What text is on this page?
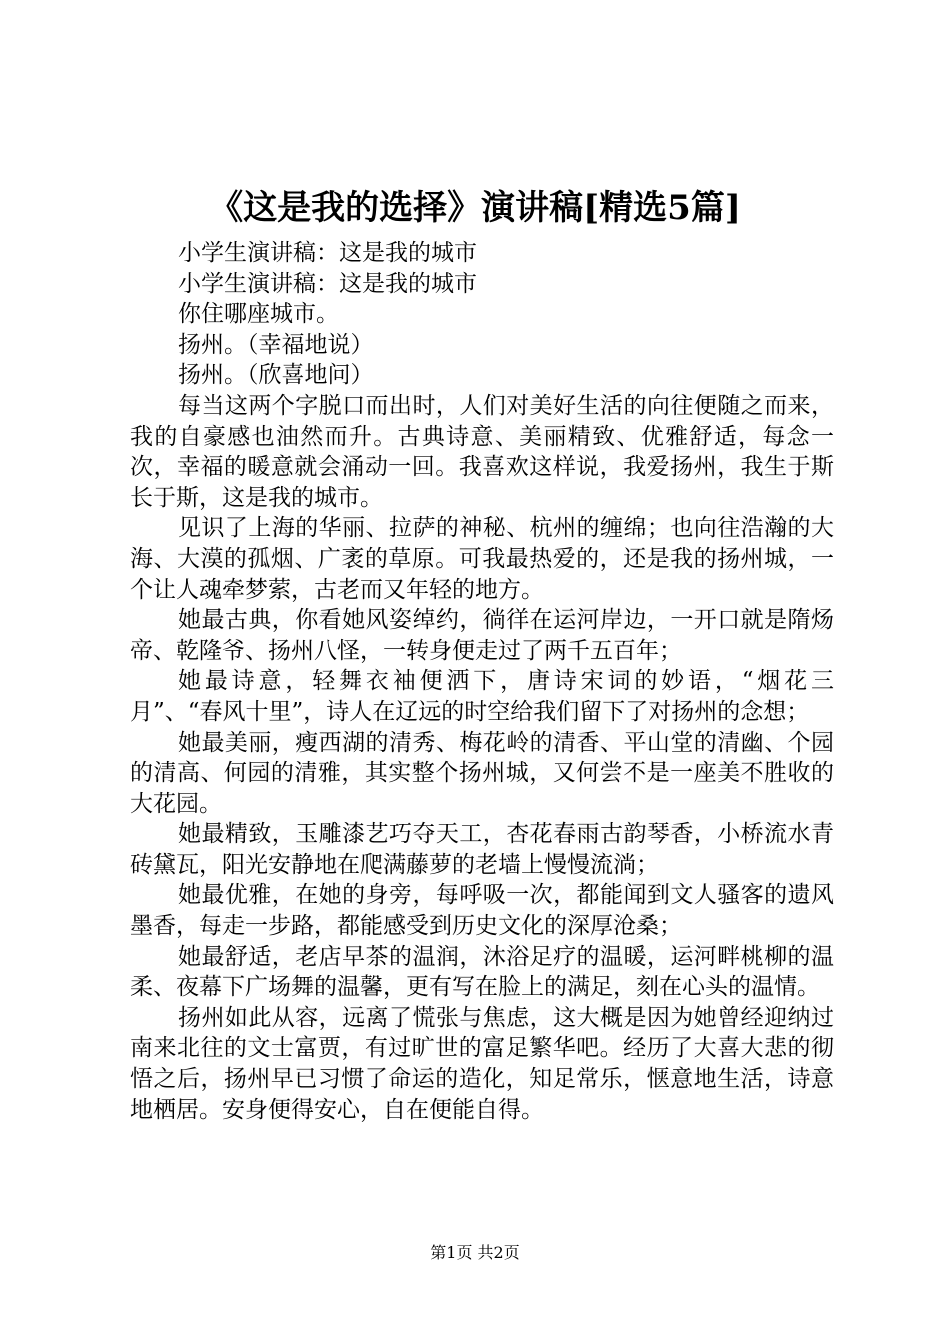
《这是我的选择》演讲稿[精选5篇]

小学生演讲稿：这是我的城市

小学生演讲稿：这是我的城市

你住哪座城市。

扬州。（幸福地说）

扬州。（欣喜地问）

每当这两个字脱口而出时，人们对美好生活的向往便随之而来，我的自豪感也油然而升。古典诗意、美丽精致、优雅舒适，每念一次，幸福的暖意就会涌动一回。我喜欢这样说，我爱扬州，我生于斯长于斯，这是我的城市。

见识了上海的华丽、拉萨的神秘、杭州的缠绵；也向往浩瀚的大海、大漠的孤烟、广袤的草原。可我最热爱的，还是我的扬州城，一个让人魂牵梦萦，古老而又年轻的地方。

她最古典，你看她风姿绰约，徜徉在运河岸边，一开口就是隋炀帝、乾隆爷、扬州八怪，一转身便走过了两千五百年；

她最诗意，轻舞衣袖便洒下，唐诗宋词的妙语，“烟花三月”、“春风十里”，诗人在辽远的时空给我们留下了对扬州的念想；

她最美丽，瘦西湖的清秀、梅花岭的清香、平山堂的清幽、个园的清高、何园的清雅，其实整个扬州城，又何尝不是一座美不胜收的大花园。

她最精致，玉雕漆艺巧夺天工，杏花春雨古韵琴香，小桥流水青砖黛瓦，阳光安静地在爬满藤萝的老墙上慢慢流淌；

她最优雅，在她的身旁，每呼吸一次，都能闻到文人骚客的遗风墨香，每走一步路，都能感受到历史文化的深厚沧桑；

她最舒适，老店早茶的温润，沐浴足疗的温暖，运河畔桃柳的温柔、夜幕下广场舞的温馨，更有写在脸上的满足，刻在心头的温情。

扬州如此从容，远离了慌张与焦虑，这大概是因为她曾经迎纳过南来北往的文士富贾，有过旷世的富足繁华吧。经历了大喜大悲的彻悟之后，扬州早已习惯了命运的造化，知足常乐，惬意地生活，诗意地栖居。安身便得安心，自在便能自得。

第1页 共2页
